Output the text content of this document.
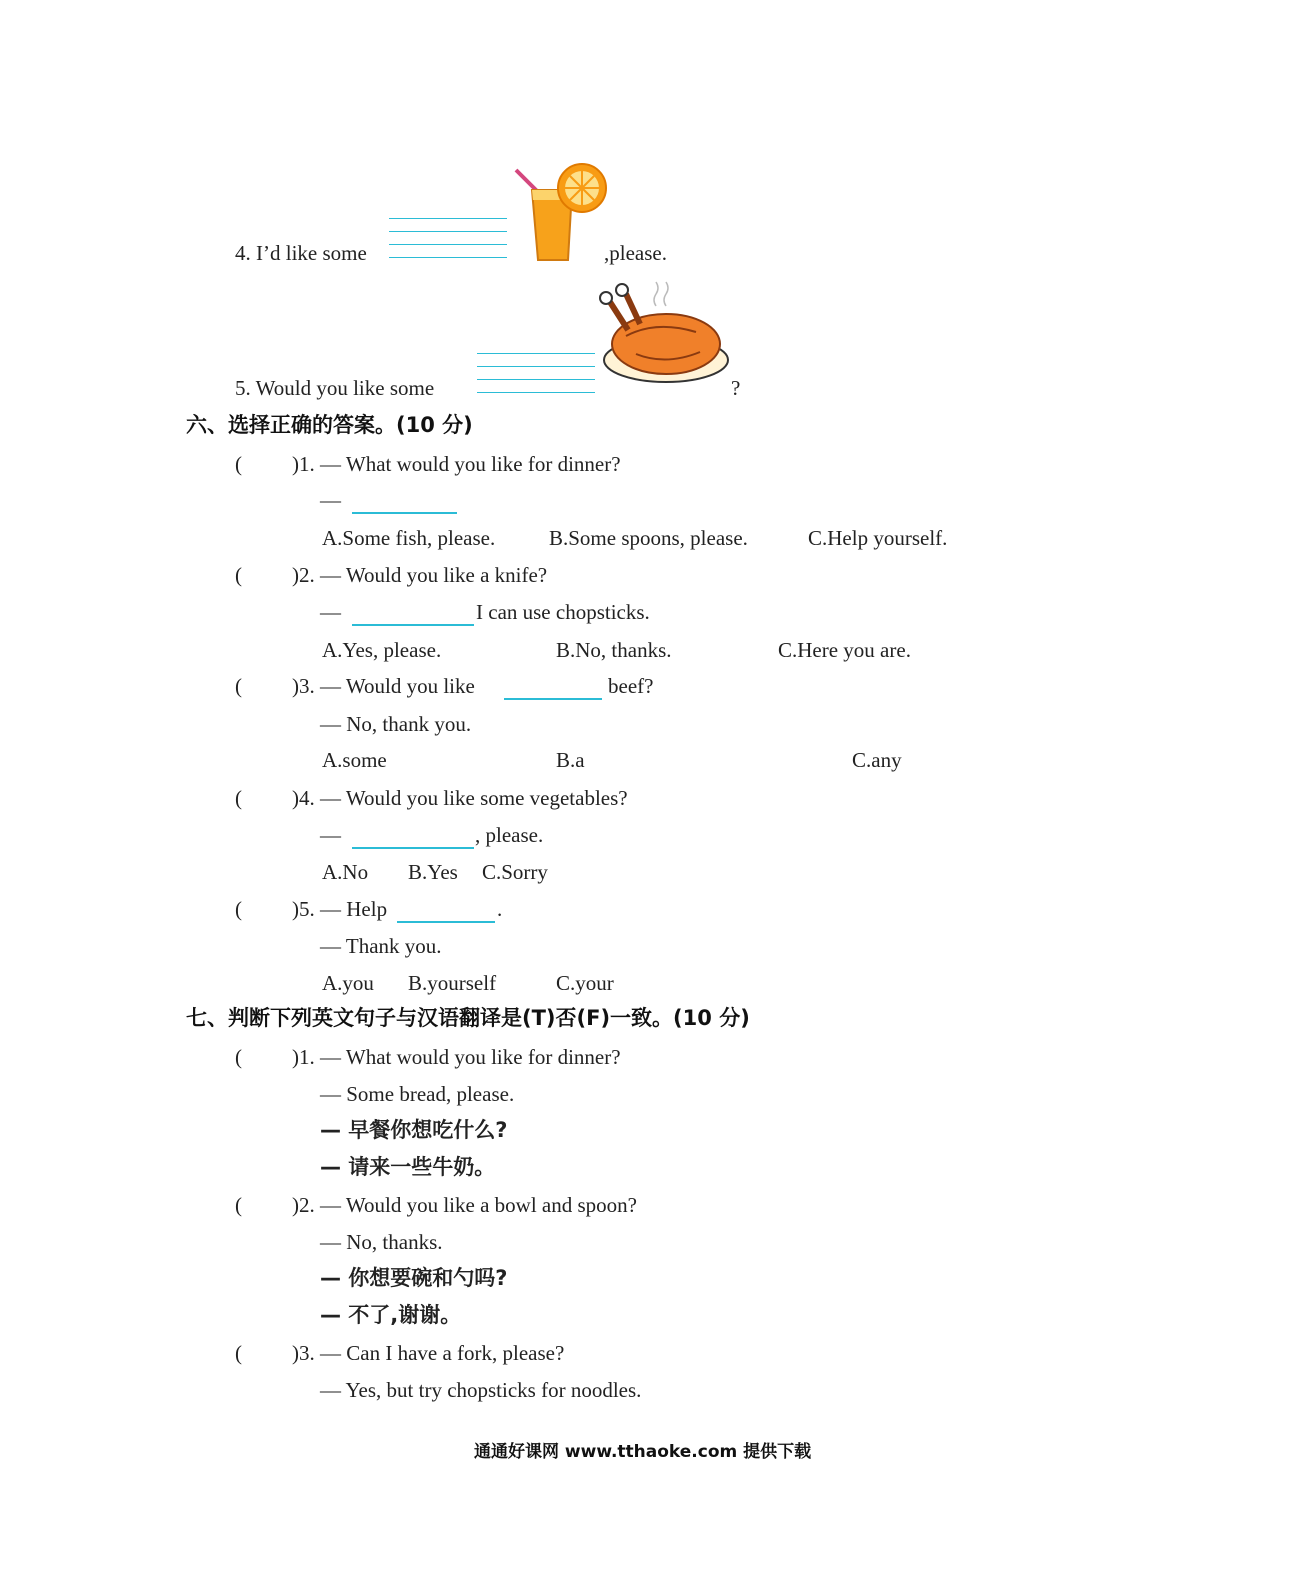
4. I’d like some	,please.
5. Would you like some	?
六、选择正确的答案。(10 分)
( )1. — What would you like for dinner?
—
A.Some fish, please.	B.Some spoons, please.	C.Help yourself.
( )2. — Would you like a knife?
—	I can use chopsticks.
A.Yes, please.	B.No, thanks.	C.Here you are.
( )3. — Would you like	beef?
— No, thank you.
A.some	B.a	C.any
( )4. — Would you like some vegetables?
—	, please.
A.No B.Yes C.Sorry
( )5. — Help	.
— Thank you.
A.you B.yourself	C.your
七、判断下列英文句子与汉语翻译是(T)否(F)一致。(10 分)
( )1. — What would you like for dinner?
— Some bread, please.
— 早餐你想吃什么?
— 请来一些牛奶。
( )2. — Would you like a bowl and spoon?
— No, thanks.
— 你想要碗和勺吗?
— 不了,谢谢。
( )3. — Can I have a fork, please?
— Yes, but try chopsticks for noodles.
通通好课网 www.tthaoke.com 提供下载
